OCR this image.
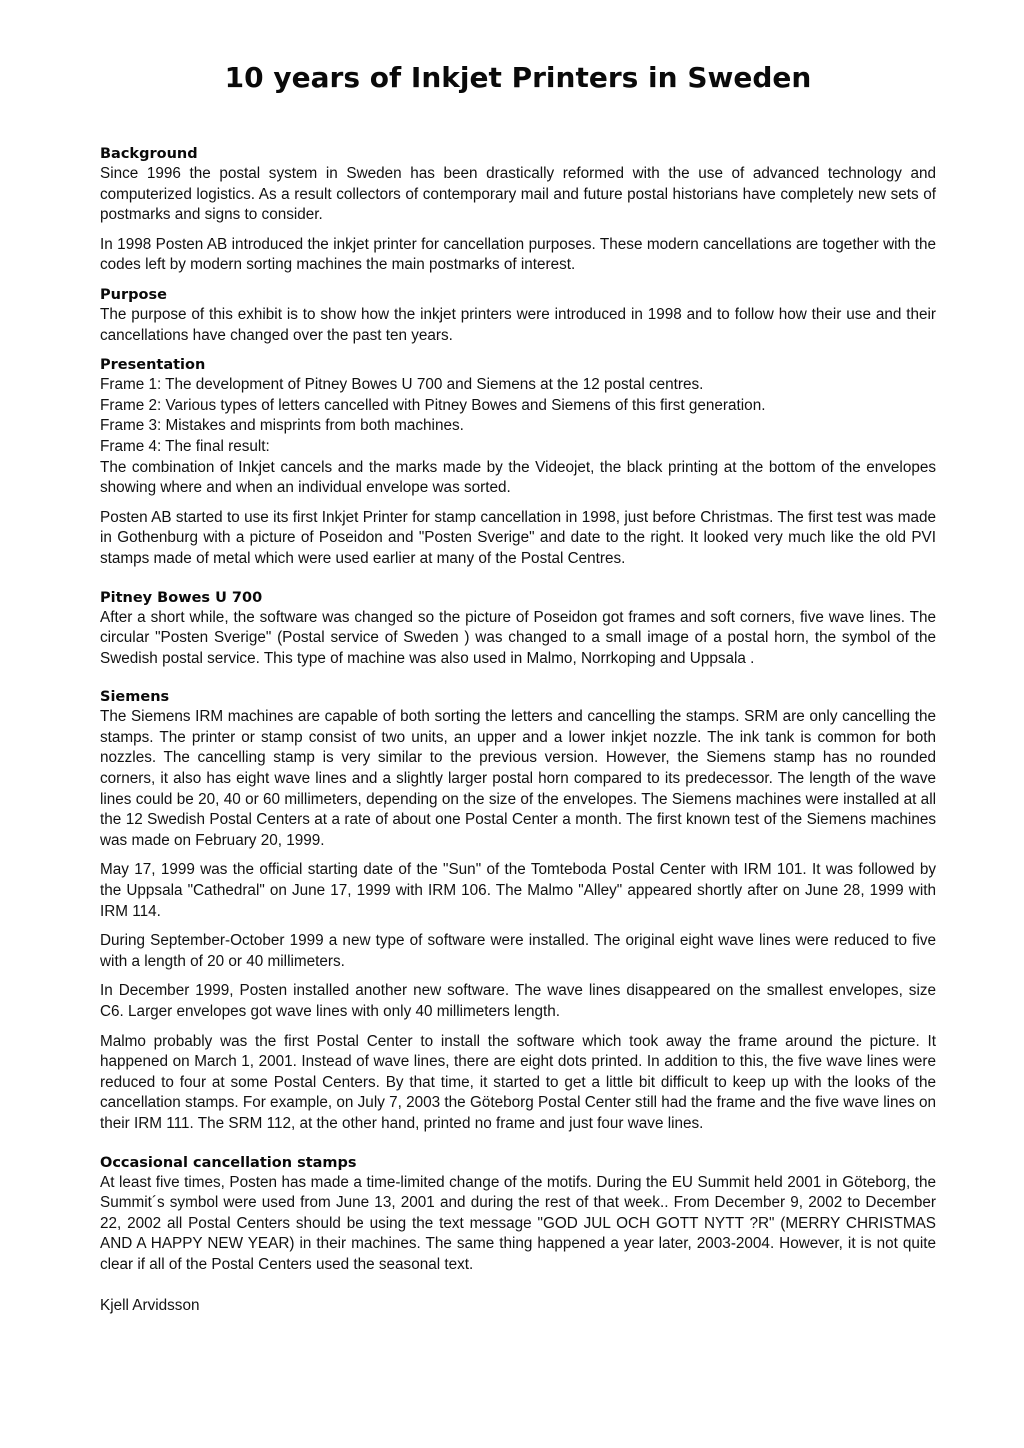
10 years of Inkjet Printers in Sweden
Background

Since 1996 the postal system in Sweden has been drastically reformed with the use of advanced technology and computerized logistics. As a result collectors of contemporary mail and future postal historians have completely new sets of postmarks and signs to consider.

In 1998 Posten AB introduced the inkjet printer for cancellation purposes. These modern cancellations are together with the codes left by modern sorting machines the main postmarks of interest.

Purpose

The purpose of this exhibit is to show how the inkjet printers were introduced in 1998 and to follow how their use and their cancellations have changed over the past ten years.

Presentation

Frame 1: The development of Pitney Bowes U 700 and Siemens at the 12 postal centres.

Frame 2: Various types of letters cancelled with Pitney Bowes and Siemens of this first generation.

Frame 3: Mistakes and misprints from both machines.

Frame 4: The final result:

The combination of Inkjet cancels and the marks made by the Videojet, the black printing at the bottom of the envelopes showing where and when an individual envelope was sorted.

Posten AB started to use its first Inkjet Printer for stamp cancellation in 1998, just before Christmas. The first test was made in Gothenburg with a picture of Poseidon and "Posten Sverige" and date to the right. It looked very much like the old PVI stamps made of metal which were used earlier at many of the Postal Centres.

Pitney Bowes U 700

After a short while, the software was changed so the picture of Poseidon got frames and soft corners, five wave lines. The circular "Posten Sverige" (Postal service of Sweden ) was changed to a small image of a postal horn, the symbol of the Swedish postal service. This type of machine was also used in Malmo, Norrkoping and Uppsala .

Siemens

The Siemens IRM machines are capable of both sorting the letters and cancelling the stamps. SRM are only cancelling the stamps. The printer or stamp consist of two units, an upper and a lower inkjet nozzle. The ink tank is common for both nozzles. The cancelling stamp is very similar to the previous version. However, the Siemens stamp has no rounded corners, it also has eight wave lines and a slightly larger postal horn compared to its predecessor. The length of the wave lines could be 20, 40 or 60 millimeters, depending on the size of the envelopes. The Siemens machines were installed at all the 12 Swedish Postal Centers at a rate of about one Postal Center a month. The first known test of the Siemens machines was made on February 20, 1999.

May 17, 1999 was the official starting date of the "Sun" of the Tomteboda Postal Center with IRM 101. It was followed by the Uppsala "Cathedral" on June 17, 1999 with IRM 106. The Malmo "Alley" appeared shortly after on June 28, 1999 with IRM 114.

During September-October 1999 a new type of software were installed. The original eight wave lines were reduced to five with a length of 20 or 40 millimeters.

In December 1999, Posten installed another new software. The wave lines disappeared on the smallest envelopes, size C6. Larger envelopes got wave lines with only 40 millimeters length.

Malmo probably was the first Postal Center to install the software which took away the frame around the picture. It happened on March 1, 2001. Instead of wave lines, there are eight dots printed. In addition to this, the five wave lines were reduced to four at some Postal Centers. By that time, it started to get a little bit difficult to keep up with the looks of the cancellation stamps. For example, on July 7, 2003 the Göteborg Postal Center still had the frame and the five wave lines on their IRM 111. The SRM 112, at the other hand, printed no frame and just four wave lines.

Occasional cancellation stamps

At least five times, Posten has made a time-limited change of the motifs. During the EU Summit held 2001 in Göteborg, the Summit´s symbol were used from June 13, 2001 and during the rest of that week.. From December 9, 2002 to December 22, 2002 all Postal Centers should be using the text message "GOD JUL OCH GOTT NYTT ?R" (MERRY CHRISTMAS AND A HAPPY NEW YEAR) in their machines. The same thing happened a year later, 2003-2004. However, it is not quite clear if all of the Postal Centers used the seasonal text.

Kjell Arvidsson
